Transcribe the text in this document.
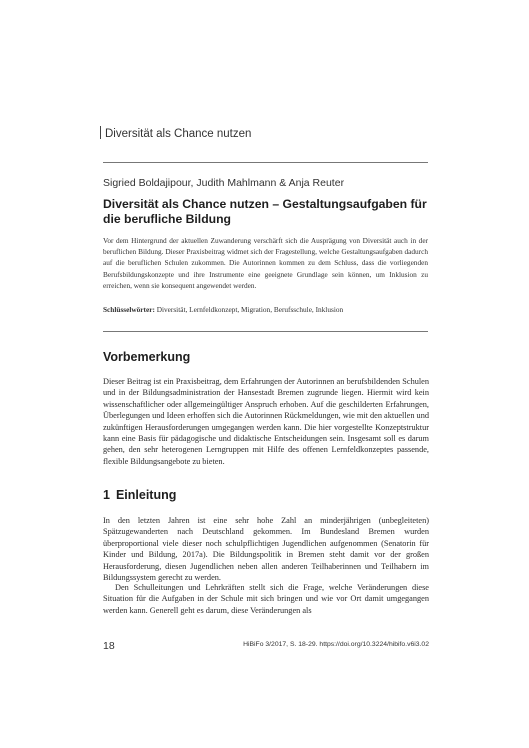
Diversität als Chance nutzen
Sigried Boldajipour, Judith Mahlmann & Anja Reuter
Diversität als Chance nutzen – Gestaltungsaufgaben für die berufliche Bildung

Vor dem Hintergrund der aktuellen Zuwanderung verschärft sich die Ausprägung von Diversität auch in der beruflichen Bildung. Dieser Praxisbeitrag widmet sich der Fragestellung, welche Gestaltungsaufgaben dadurch auf die beruflichen Schulen zukommen. Die Autorinnen kommen zu dem Schluss, dass die vorliegenden Berufsbildungskonzepte und ihre Instrumente eine geeignete Grundlage sein können, um Inklusion zu erreichen, wenn sie konsequent angewendet werden.

Schlüsselwörter: Diversität, Lernfeldkonzept, Migration, Berufsschule, Inklusion
Vorbemerkung

Dieser Beitrag ist ein Praxisbeitrag, dem Erfahrungen der Autorinnen an berufsbildenden Schulen und in der Bildungsadministration der Hansestadt Bremen zugrunde liegen. Hiermit wird kein wissenschaftlicher oder allgemeingültiger Anspruch erhoben. Auf die geschilderten Erfahrungen, Überlegungen und Ideen erhoffen sich die Autorinnen Rückmeldungen, wie mit den aktuellen und zukünftigen Herausforderungen umgegangen werden kann. Die hier vorgestellte Konzeptstruktur kann eine Basis für pädagogische und didaktische Entscheidungen sein. Insgesamt soll es darum gehen, den sehr heterogenen Lerngruppen mit Hilfe des offenen Lernfeldkonzeptes passende, flexible Bildungsangebote zu bieten.

1 Einleitung

In den letzten Jahren ist eine sehr hohe Zahl an minderjährigen (unbegleiteten) Spätzugewanderten nach Deutschland gekommen. Im Bundesland Bremen wurden überproportional viele dieser noch schulpflichtigen Jugendlichen aufgenommen (Senatorin für Kinder und Bildung, 2017a). Die Bildungspolitik in Bremen steht damit vor der großen Herausforderung, diesen Jugendlichen neben allen anderen Teilhaberinnen und Teilhabern im Bildungssystem gerecht zu werden.

Den Schulleitungen und Lehrkräften stellt sich die Frage, welche Veränderungen diese Situation für die Aufgaben in der Schule mit sich bringen und wie vor Ort damit umgegangen werden kann. Generell geht es darum, diese Veränderungen als

18	HiBiFo 3/2017, S. 18-29. https://doi.org/10.3224/hibifo.v6i3.02
